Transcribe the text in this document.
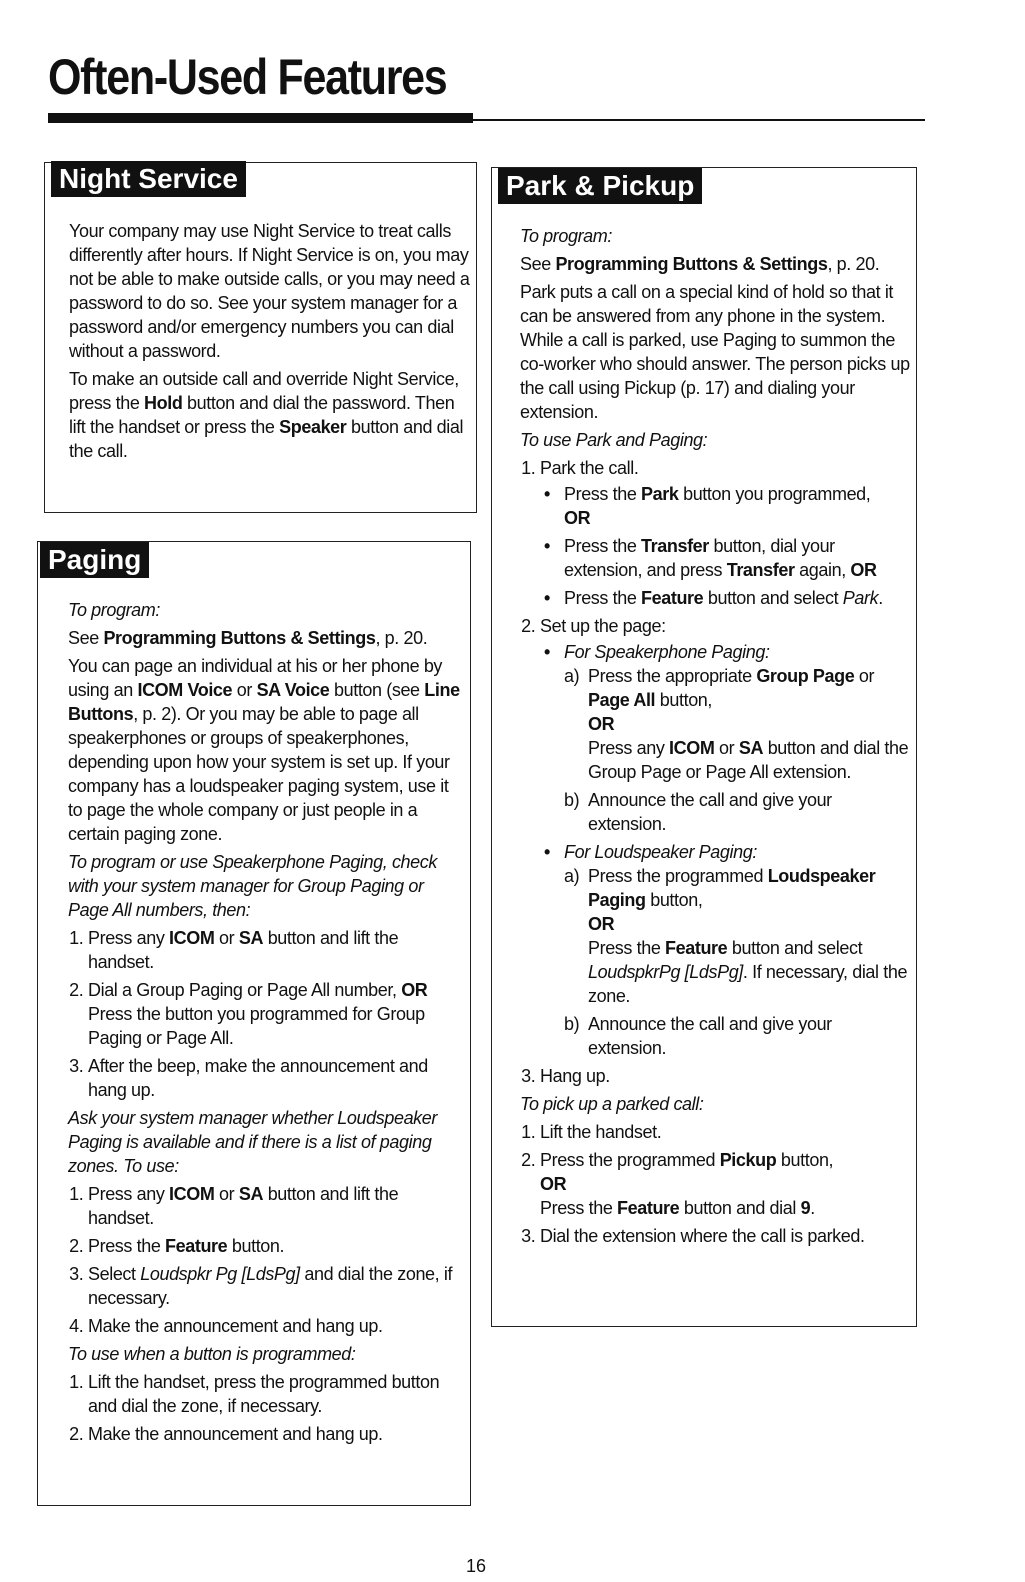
Often-Used Features
Night Service

Your company may use Night Service to treat calls differently after hours. If Night Service is on, you may not be able to make outside calls, or you may need a password to do so. See your system manager for a password and/or emergency numbers you can dial without a password.

To make an outside call and override Night Service, press the Hold button and dial the password. Then lift the handset or press the Speaker button and dial the call.

Paging

To program:

See Programming Buttons & Settings, p. 20.

You can page an individual at his or her phone by using an ICOM Voice or SA Voice button (see Line Buttons, p. 2). Or you may be able to page all speakerphones or groups of speakerphones, depending upon how your system is set up. If your company has a loudspeaker paging system, use it to page the whole company or just people in a certain paging zone.

To program or use Speakerphone Paging, check with your system manager for Group Paging or Page All numbers, then:

1. Press any ICOM or SA button and lift the handset.
2. Dial a Group Paging or Page All number, OR Press the button you programmed for Group Paging or Page All.
3. After the beep, make the announcement and hang up.

Ask your system manager whether Loudspeaker Paging is available and if there is a list of paging zones. To use:

1. Press any ICOM or SA button and lift the handset.
2. Press the Feature button.
3. Select Loudspkr Pg [LdsPg] and dial the zone, if necessary.
4. Make the announcement and hang up.

To use when a button is programmed:

1. Lift the handset, press the programmed button and dial the zone, if necessary.
2. Make the announcement and hang up.
Park & Pickup

To program:

See Programming Buttons & Settings, p. 20.

Park puts a call on a special kind of hold so that it can be answered from any phone in the system. While a call is parked, use Paging to summon the co-worker who should answer. The person picks up the call using Pickup (p. 17) and dialing your extension.

To use Park and Paging:

1. Park the call.
• Press the Park button you programmed,
OR
• Press the Transfer button, dial your extension, and press Transfer again, OR
• Press the Feature button and select Park.
2. Set up the page:
• For Speakerphone Paging:
a) Press the appropriate Group Page or Page All button,
OR
Press any ICOM or SA button and dial the Group Page or Page All extension.
b) Announce the call and give your extension.
• For Loudspeaker Paging:
a) Press the programmed Loudspeaker Paging button,
OR
Press the Feature button and select LoudspkrPg [LdsPg]. If necessary, dial the zone.
b) Announce the call and give your extension.
3. Hang up.

To pick up a parked call:

1. Lift the handset.
2. Press the programmed Pickup button,
OR
Press the Feature button and dial 9.
3. Dial the extension where the call is parked.
16
